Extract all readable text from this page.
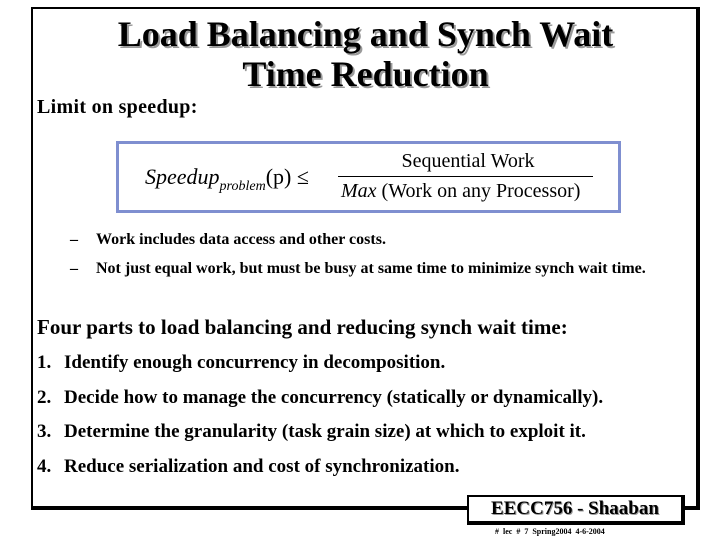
Load Balancing and Synch Wait
Time Reduction
Limit on speedup:
Speedup$_{problem}$(p) ≤
Sequential Work
Max (Work on any Processor)
– Work includes data access and other costs.
– Not just equal work, but must be busy at same time to minimize synch wait time.
Four parts to load balancing and reducing synch wait time:
1. Identify enough concurrency in decomposition.
2. Decide how to manage the concurrency (statically or dynamically).
3. Determine the granularity (task grain size) at which to exploit it.
4. Reduce serialization and cost of synchronization.
EECC756 - Shaaban
# lec # 7 Spring2004 4-6-2004
